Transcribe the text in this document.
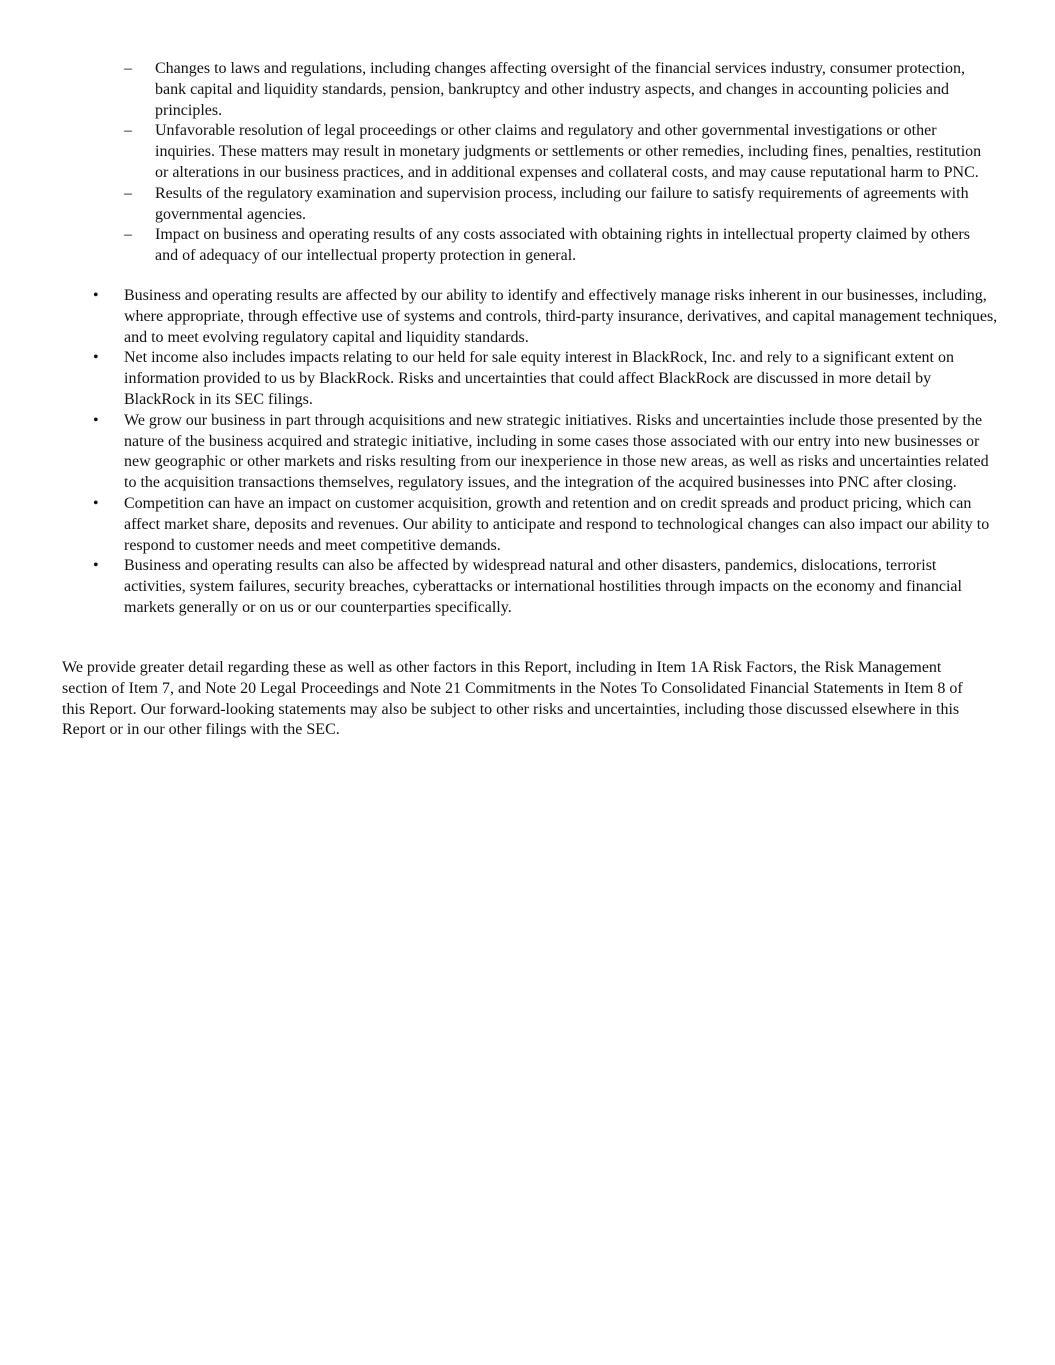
– Changes to laws and regulations, including changes affecting oversight of the financial services industry, consumer protection, bank capital and liquidity standards, pension, bankruptcy and other industry aspects, and changes in accounting policies and principles.
– Unfavorable resolution of legal proceedings or other claims and regulatory and other governmental investigations or other inquiries. These matters may result in monetary judgments or settlements or other remedies, including fines, penalties, restitution or alterations in our business practices, and in additional expenses and collateral costs, and may cause reputational harm to PNC.
– Results of the regulatory examination and supervision process, including our failure to satisfy requirements of agreements with governmental agencies.
– Impact on business and operating results of any costs associated with obtaining rights in intellectual property claimed by others and of adequacy of our intellectual property protection in general.
• Business and operating results are affected by our ability to identify and effectively manage risks inherent in our businesses, including, where appropriate, through effective use of systems and controls, third-party insurance, derivatives, and capital management techniques, and to meet evolving regulatory capital and liquidity standards.
• Net income also includes impacts relating to our held for sale equity interest in BlackRock, Inc. and rely to a significant extent on information provided to us by BlackRock. Risks and uncertainties that could affect BlackRock are discussed in more detail by BlackRock in its SEC filings.
• We grow our business in part through acquisitions and new strategic initiatives. Risks and uncertainties include those presented by the nature of the business acquired and strategic initiative, including in some cases those associated with our entry into new businesses or new geographic or other markets and risks resulting from our inexperience in those new areas, as well as risks and uncertainties related to the acquisition transactions themselves, regulatory issues, and the integration of the acquired businesses into PNC after closing.
• Competition can have an impact on customer acquisition, growth and retention and on credit spreads and product pricing, which can affect market share, deposits and revenues. Our ability to anticipate and respond to technological changes can also impact our ability to respond to customer needs and meet competitive demands.
• Business and operating results can also be affected by widespread natural and other disasters, pandemics, dislocations, terrorist activities, system failures, security breaches, cyberattacks or international hostilities through impacts on the economy and financial markets generally or on us or our counterparties specifically.

We provide greater detail regarding these as well as other factors in this Report, including in Item 1A Risk Factors, the Risk Management section of Item 7, and Note 20 Legal Proceedings and Note 21 Commitments in the Notes To Consolidated Financial Statements in Item 8 of this Report. Our forward-looking statements may also be subject to other risks and uncertainties, including those discussed elsewhere in this Report or in our other filings with the SEC.
